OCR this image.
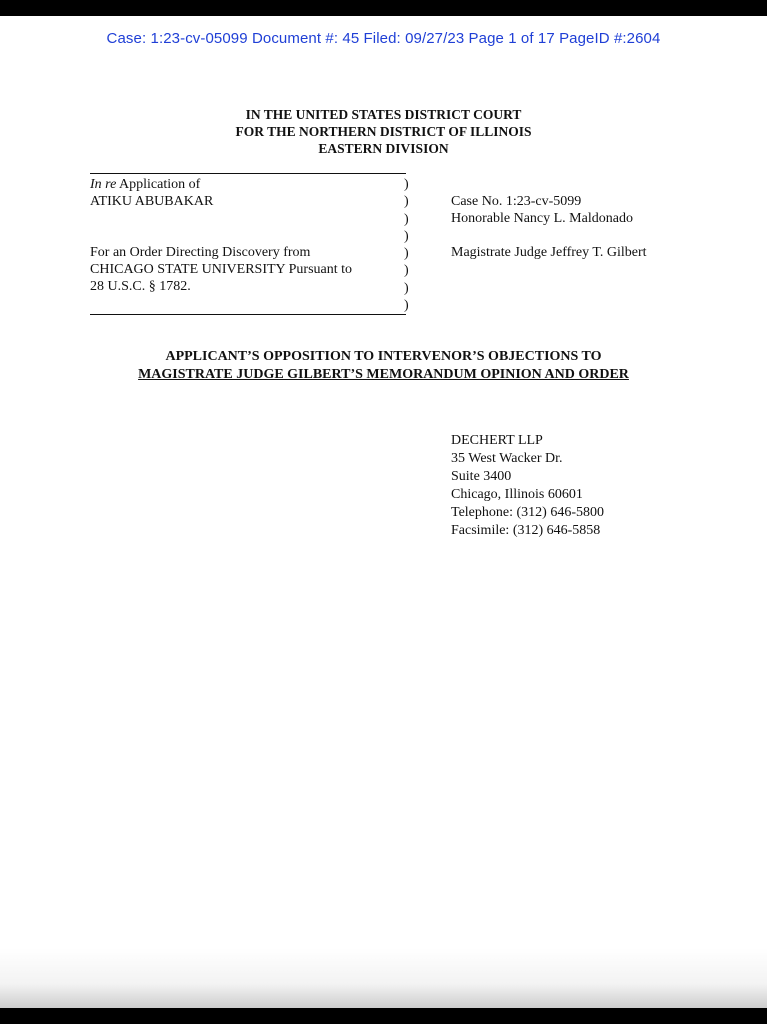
Case: 1:23-cv-05099 Document #: 45 Filed: 09/27/23 Page 1 of 17 PageID #:2604
IN THE UNITED STATES DISTRICT COURT
FOR THE NORTHERN DISTRICT OF ILLINOIS
EASTERN DIVISION
In re Application of
ATIKU ABUBAKAR
For an Order Directing Discovery from
CHICAGO STATE UNIVERSITY Pursuant to
28 U.S.C. § 1782.
)
)
)
)
)
)
)
)
Case No. 1:23-cv-5099
Honorable Nancy L. Maldonado
Magistrate Judge Jeffrey T. Gilbert
APPLICANT’S OPPOSITION TO INTERVENOR’S OBJECTIONS TO
MAGISTRATE JUDGE GILBERT’S MEMORANDUM OPINION AND ORDER
DECHERT LLP
35 West Wacker Dr.
Suite 3400
Chicago, Illinois 60601
Telephone: (312) 646-5800
Facsimile: (312) 646-5858
